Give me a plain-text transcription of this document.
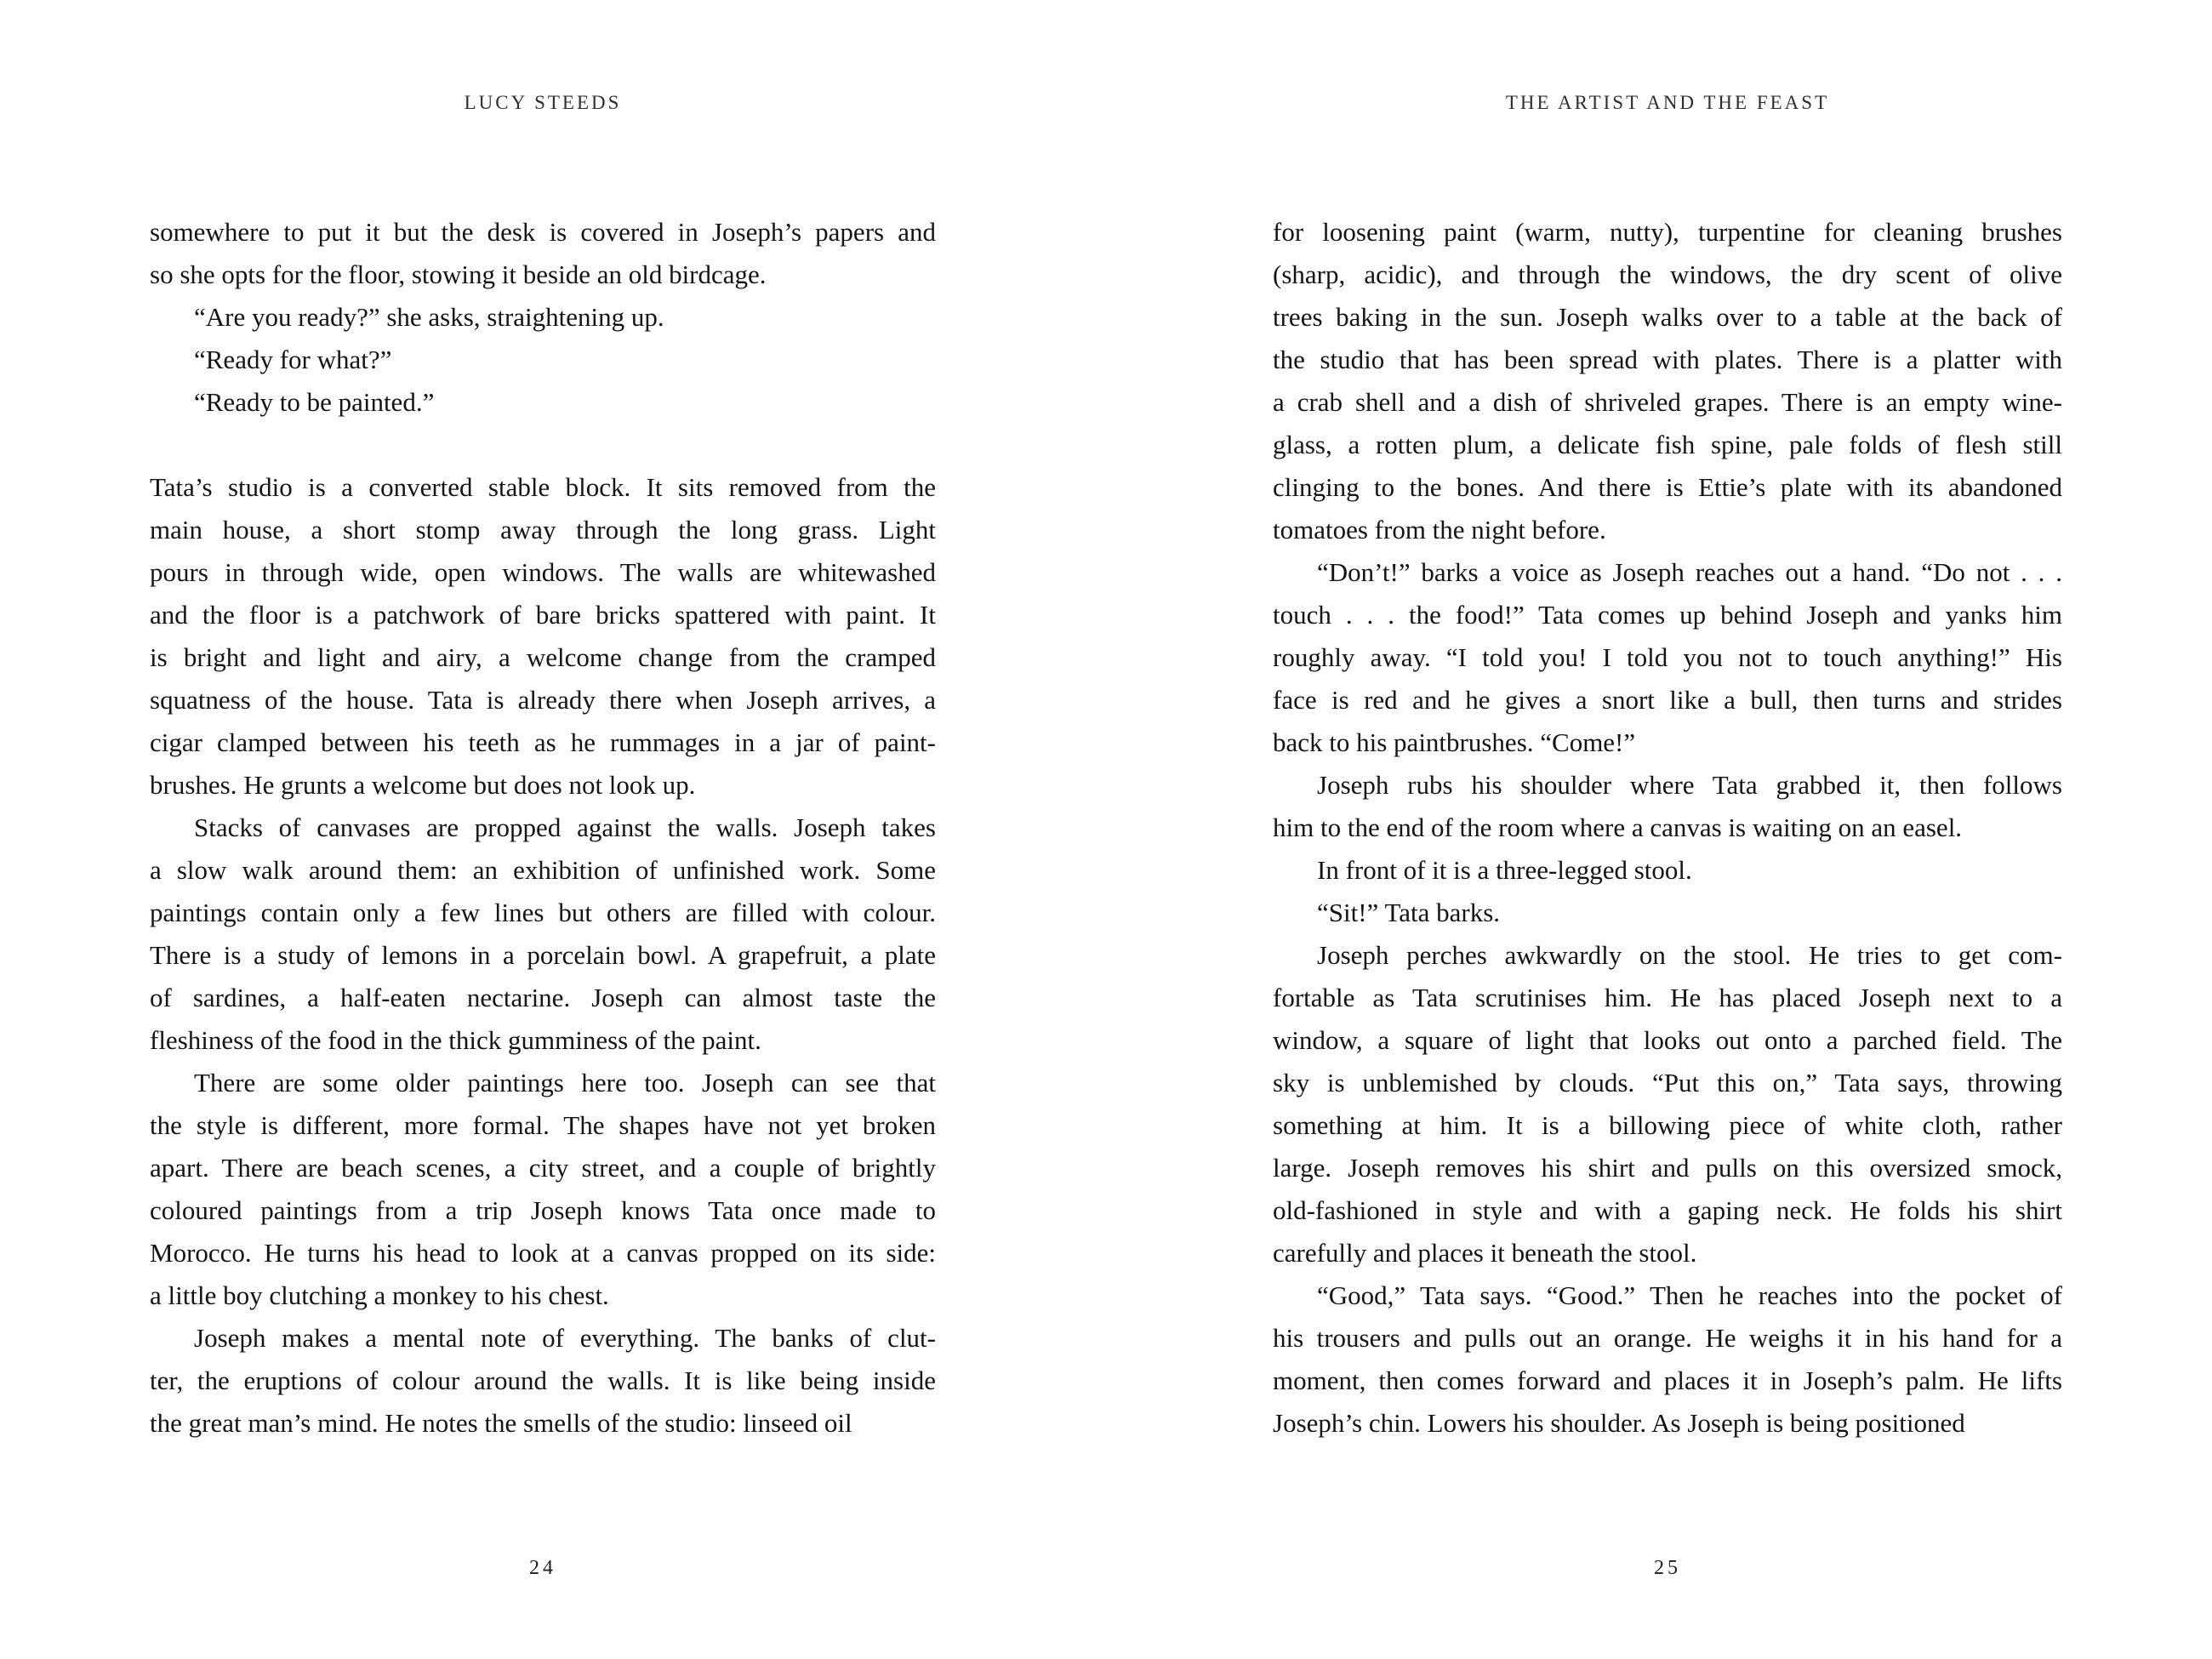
LUCY STEEDS
somewhere to put it but the desk is covered in Joseph’s papers and
so she opts for the floor, stowing it beside an old birdcage.
“Are you ready?” she asks, straightening up.
“Ready for what?”
“Ready to be painted.”
Tata’s studio is a converted stable block. It sits removed from the
main house, a short stomp away through the long grass. Light
pours in through wide, open windows. The walls are whitewashed
and the floor is a patchwork of bare bricks spattered with paint. It
is bright and light and airy, a welcome change from the cramped
squatness of the house. Tata is already there when Joseph arrives, a
cigar clamped between his teeth as he rummages in a jar of paint-
brushes. He grunts a welcome but does not look up.
Stacks of canvases are propped against the walls. Joseph takes
a slow walk around them: an exhibition of unfinished work. Some
paintings contain only a few lines but others are filled with colour.
There is a study of lemons in a porcelain bowl. A grapefruit, a plate
of sardines, a half-eaten nectarine. Joseph can almost taste the
fleshiness of the food in the thick gumminess of the paint.
There are some older paintings here too. Joseph can see that
the style is different, more formal. The shapes have not yet broken
apart. There are beach scenes, a city street, and a couple of brightly
coloured paintings from a trip Joseph knows Tata once made to
Morocco. He turns his head to look at a canvas propped on its side:
a little boy clutching a monkey to his chest.
Joseph makes a mental note of everything. The banks of clut-
ter, the eruptions of colour around the walls. It is like being inside
the great man’s mind. He notes the smells of the studio: linseed oil
24
THE ARTIST AND THE FEAST
for loosening paint (warm, nutty), turpentine for cleaning brushes
(sharp, acidic), and through the windows, the dry scent of olive
trees baking in the sun. Joseph walks over to a table at the back of
the studio that has been spread with plates. There is a platter with
a crab shell and a dish of shriveled grapes. There is an empty wine-
glass, a rotten plum, a delicate fish spine, pale folds of flesh still
clinging to the bones. And there is Ettie’s plate with its abandoned
tomatoes from the night before.
“Don’t!” barks a voice as Joseph reaches out a hand. “Do not . . .
touch . . . the food!” Tata comes up behind Joseph and yanks him
roughly away. “I told you! I told you not to touch anything!” His
face is red and he gives a snort like a bull, then turns and strides
back to his paintbrushes. “Come!”
Joseph rubs his shoulder where Tata grabbed it, then follows
him to the end of the room where a canvas is waiting on an easel.
In front of it is a three-legged stool.
“Sit!” Tata barks.
Joseph perches awkwardly on the stool. He tries to get com-
fortable as Tata scrutinises him. He has placed Joseph next to a
window, a square of light that looks out onto a parched field. The
sky is unblemished by clouds. “Put this on,” Tata says, throwing
something at him. It is a billowing piece of white cloth, rather
large. Joseph removes his shirt and pulls on this oversized smock,
old-fashioned in style and with a gaping neck. He folds his shirt
carefully and places it beneath the stool.
“Good,” Tata says. “Good.” Then he reaches into the pocket of
his trousers and pulls out an orange. He weighs it in his hand for a
moment, then comes forward and places it in Joseph’s palm. He lifts
Joseph’s chin. Lowers his shoulder. As Joseph is being positioned
25
